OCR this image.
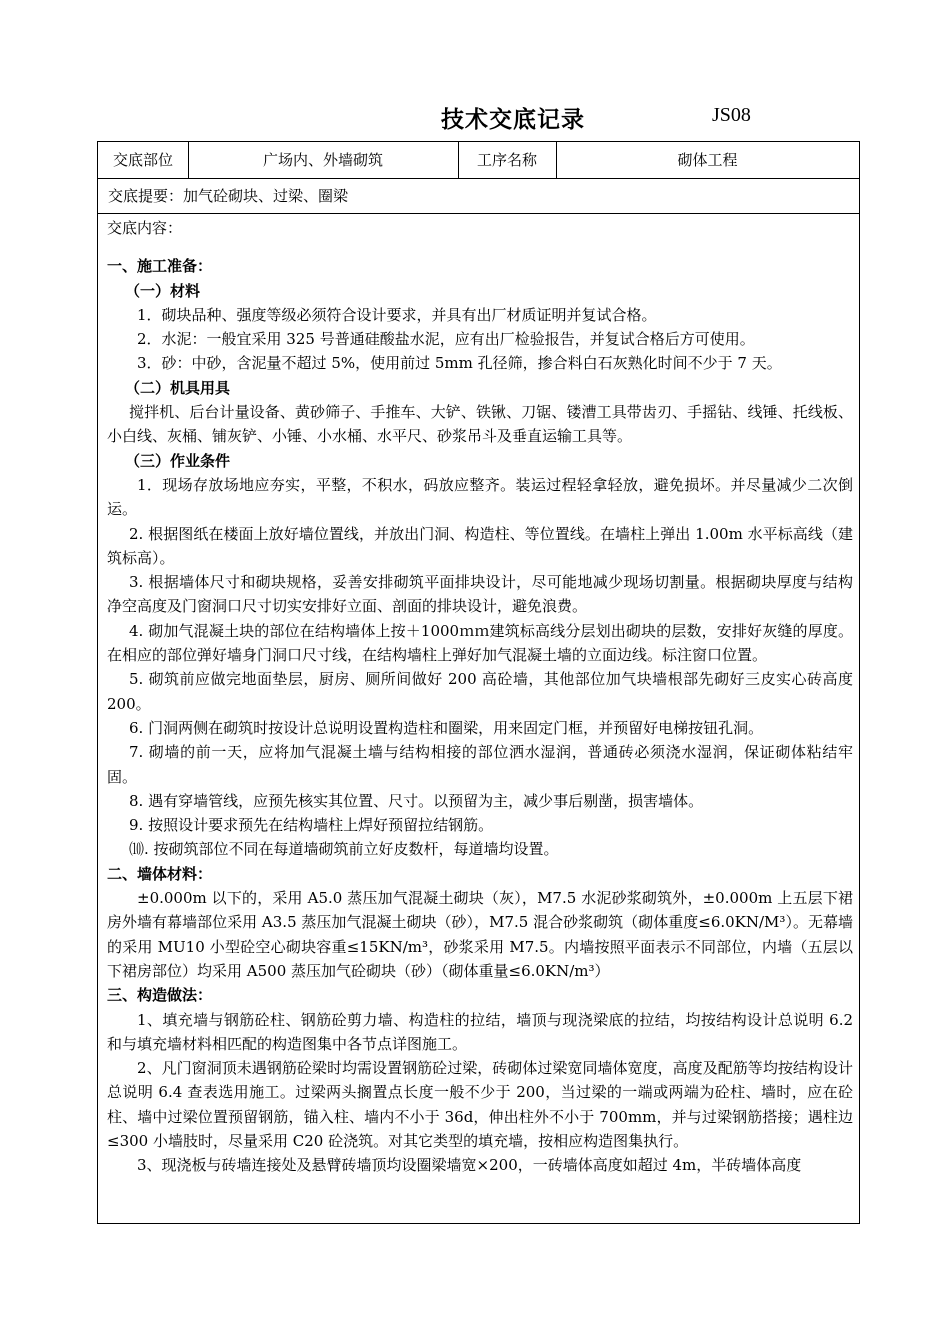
技术交底记录	JS08
交底部位	广场内、外墙砌筑	工序名称	砌体工程
交底提要：加气砼砌块、过梁、圈梁

交底内容：

一、施工准备：

（一）材料

1．砌块品种、强度等级必须符合设计要求，并具有出厂材质证明并复试合格。

2．水泥：一般宜采用 325 号普通硅酸盐水泥，应有出厂检验报告，并复试合格后方可使用。

3．砂：中砂，含泥量不超过 5%，使用前过 5mm 孔径筛，掺合料白石灰熟化时间不少于 7 天。

（二）机具用具

搅拌机、后台计量设备、黄砂筛子、手推车、大铲、铁锹、刀锯、镂漕工具带齿刃、手摇钻、线锤、托线板、小白线、灰桶、铺灰铲、小锤、小水桶、水平尺、砂浆吊斗及垂直运输工具等。

（三）作业条件

1．现场存放场地应夯实，平整，不积水，码放应整齐。装运过程轻拿轻放，避免损坏。并尽量减少二次倒运。

2. 根据图纸在楼面上放好墙位置线，并放出门洞、构造柱、等位置线。在墙柱上弹出 1.00m 水平标高线（建筑标高）。

3. 根据墙体尺寸和砌块规格，妥善安排砌筑平面排块设计，尽可能地减少现场切割量。根据砌块厚度与结构净空高度及门窗洞口尺寸切实安排好立面、剖面的排块设计，避免浪费。

4. 砌加气混凝土块的部位在结构墙体上按＋1000ｍｍ建筑标高线分层划出砌块的层数，安排好灰缝的厚度。在相应的部位弹好墙身门洞口尺寸线，在结构墙柱上弹好加气混凝土墙的立面边线。标注窗口位置。

5. 砌筑前应做完地面垫层，厨房、厕所间做好 200 高砼墙，其他部位加气块墙根部先砌好三皮实心砖高度 200。

6. 门洞两侧在砌筑时按设计总说明设置构造柱和圈梁，用来固定门框，并预留好电梯按钮孔洞。

7. 砌墙的前一天，应将加气混凝土墙与结构相接的部位洒水湿润，普通砖必须浇水湿润，保证砌体粘结牢固。

8. 遇有穿墙管线，应预先核实其位置、尺寸。以预留为主，减少事后剔凿，损害墙体。

9. 按照设计要求预先在结构墙柱上焊好预留拉结钢筋。

⑽. 按砌筑部位不同在每道墙砌筑前立好皮数杆，每道墙均设置。

二、墙体材料：

±0.000m 以下的，采用 A5.0 蒸压加气混凝土砌块（灰），M7.5 水泥砂浆砌筑外，±0.000m 上五层下裙房外墙有幕墙部位采用 A3.5 蒸压加气混凝土砌块（砂），M7.5 混合砂浆砌筑（砌体重度≤6.0KN/M³）。无幕墙的采用 MU10 小型砼空心砌块容重≤15KN/m³，砂浆采用 M7.5。内墙按照平面表示不同部位，内墙（五层以下裙房部位）均采用 A500 蒸压加气砼砌块（砂）（砌体重量≤6.0KN/m³）

三、构造做法：

1、填充墙与钢筋砼柱、钢筋砼剪力墙、构造柱的拉结，墙顶与现浇梁底的拉结，均按结构设计总说明 6.2 和与填充墙材料相匹配的构造图集中各节点详图施工。

2、凡门窗洞顶未遇钢筋砼梁时均需设置钢筋砼过梁，砖砌体过梁宽同墙体宽度，高度及配筋等均按结构设计总说明 6.4 查表选用施工。过梁两头搁置点长度一般不少于 200，当过梁的一端或两端为砼柱、墙时，应在砼柱、墙中过梁位置预留钢筋，锚入柱、墙内不小于 36d，伸出柱外不小于 700mm，并与过梁钢筋搭接；遇柱边≤300 小墙肢时，尽量采用 C20 砼浇筑。对其它类型的填充墙，按相应构造图集执行。

3、现浇板与砖墙连接处及悬臂砖墙顶均设圈梁墙宽×200，一砖墙体高度如超过 4m，半砖墙体高度
